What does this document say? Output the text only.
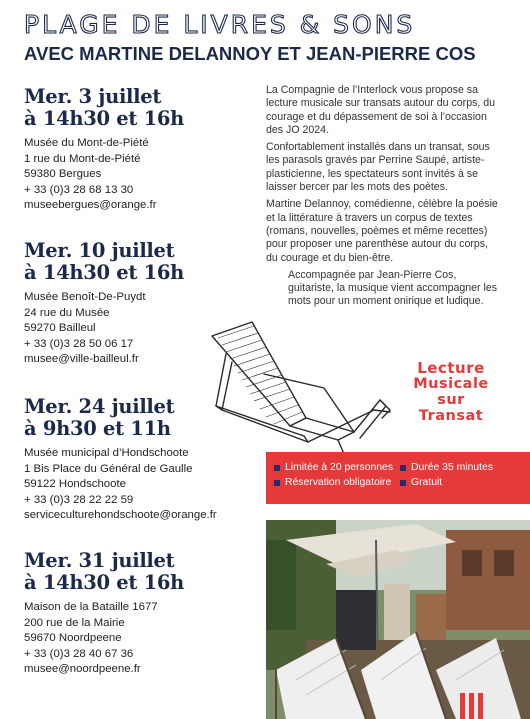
PLAGE DE LIVRES & SONS
AVEC MARTINE DELANNOY ET JEAN-PIERRE COS
Mer. 3 juillet
à 14h30 et 16h
Musée du Mont-de-Piété
1 rue du Mont-de-Piété
59380 Bergues
+ 33 (0)3 28 68 13 30
museebergues@orange.fr
Mer. 10 juillet
à 14h30 et 16h
Musée Benoît-De-Puydt
24 rue du Musée
59270 Bailleul
+ 33 (0)3 28 50 06 17
musee@ville-bailleul.fr
Mer. 24 juillet
à 9h30 et 11h
Musée municipal d’Hondschoote
1 Bis Place du Général de Gaulle
59122 Hondschoote
+ 33 (0)3 28 22 22 59
serviceculturehondschoote@orange.fr
Mer. 31 juillet
à 14h30 et 16h
Maison de la Bataille 1677
200 rue de la Mairie
59670 Noordpeene
+ 33 (0)3 28 40 67 36
musee@noordpeene.fr

La Compagnie de l’Interlock vous propose sa lecture musicale sur transats autour du corps, du courage et du dépassement de soi à l’occasion des JO 2024.

Confortablement installés dans un transat, sous les parasols gravés par Perrine Saupé, artiste-plasticienne, les spectateurs sont invités à se laisser bercer par les mots des poètes.

Martine Delannoy, comédienne, célèbre la poésie et la littérature à travers un corpus de textes (romans, nouvelles, poèmes et même recettes) pour proposer une parenthèse autour du corps, du courage et du bien-être.

Accompagnée par Jean-Pierre Cos, guitariste, la musique vient accompagner les mots pour un moment onirique et ludique.

Lecture
Musicale
sur
Transat
Limitée à 20 personnes Durée 35 minutes
Réservation obligatoire Gratuit
